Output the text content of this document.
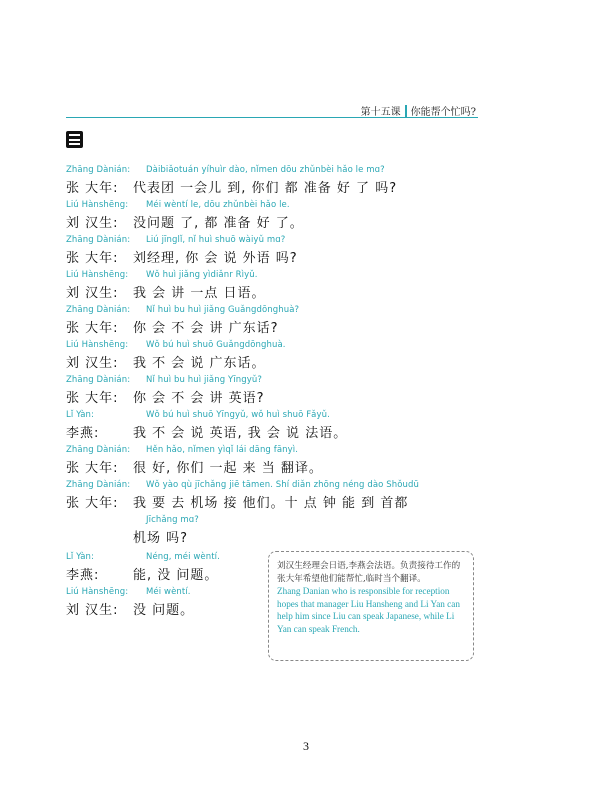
第十五课 你能帮个忙吗?
Zhāng Dànián: Dàibiǎotuán yíhuìr dào, nǐmen dōu zhǔnbèi hǎo le mɑ?
张 大年: 代表团 一会儿 到, 你们 都 准备 好 了 吗?
Liú Hànshēng: Méi wèntí le, dōu zhǔnbèi hǎo le.
刘 汉生: 没问题 了, 都 准备 好 了。
Zhāng Dànián: Liú jīnglǐ, nǐ huì shuō wàiyǔ mɑ?
张 大年: 刘经理, 你 会 说 外语 吗?
Liú Hànshēng: Wǒ huì jiǎng yìdiǎnr Rìyǔ.
刘 汉生: 我 会 讲 一点 日语。
Zhāng Dànián: Nǐ huì bu huì jiǎng Guǎngdōnghuà?
张 大年: 你 会 不 会 讲 广东话?
Liú Hànshēng: Wǒ bú huì shuō Guǎngdōnghuà.
刘 汉生: 我 不 会 说 广东话。
Zhāng Dànián: Nǐ huì bu huì jiǎng Yīngyǔ?
张 大年: 你 会 不 会 讲 英语?
Lǐ Yàn:	Wǒ bú huì shuō Yīngyǔ, wǒ huì shuō Fǎyǔ.
李燕:	我 不 会 说 英语, 我 会 说 法语。
Zhāng Dànián: Hěn hǎo, nǐmen yìqǐ lái dāng fānyì.
张 大年: 很 好, 你们 一起 来 当 翻译。
Zhāng Dànián: Wǒ yào qù jīchǎng jiē tāmen. Shí diǎn zhōng néng dào Shǒudū
张 大年: 我 要 去 机场 接 他们。十 点 钟 能 到 首都
Jīchǎng mɑ?
机场 吗?
Lǐ Yàn:	Néng, méi wèntí.
李燕:	能, 没 问题。
Liú Hànshēng: Méi wèntí.
刘 汉生: 没 问题。
刘汉生经理会日语,李燕会法语。负责接待工作的张大年希望他们能帮忙,临时当个翻译。
Zhang Danian who is responsible for reception hopes that manager Liu Hansheng and Li Yan can help him since Liu can speak Japanese, while Li Yan can speak French.
3
